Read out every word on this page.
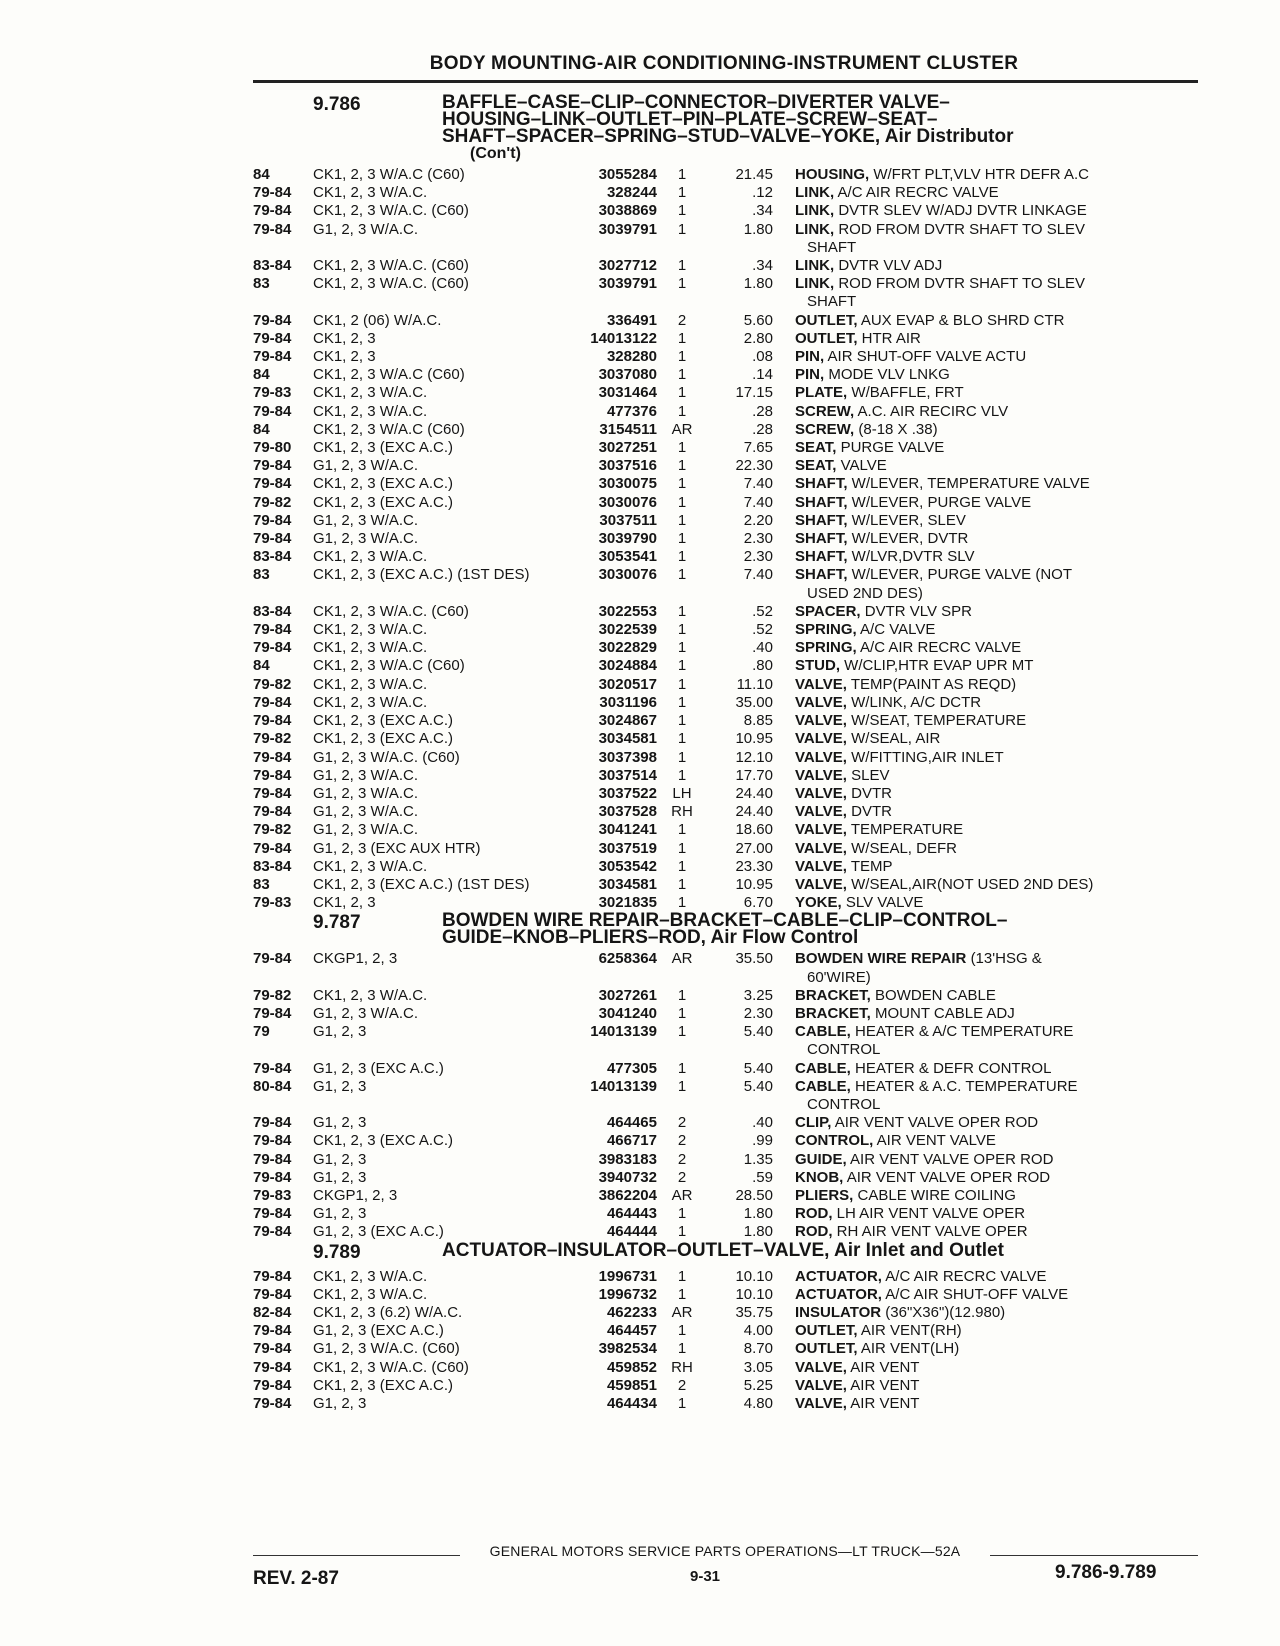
BODY MOUNTING-AIR CONDITIONING-INSTRUMENT CLUSTER
9.786	BAFFLE–CASE–CLIP–CONNECTOR–DIVERTER VALVE–
HOUSING–LINK–OUTLET–PIN–PLATE–SCREW–SEAT–
SHAFT–SPACER–SPRING–STUD–VALVE–YOKE, Air Distributor
(Con't)
84	CK1, 2, 3 W/A.C (C60)	3055284	1	21.45	HOUSING, W/FRT PLT,VLV HTR DEFR A.C
79-84	CK1, 2, 3 W/A.C.	328244	1	.12	LINK, A/C AIR RECRC VALVE
79-84	CK1, 2, 3 W/A.C. (C60)	3038869	1	.34	LINK, DVTR SLEV W/ADJ DVTR LINKAGE
79-84	G1, 2, 3 W/A.C.	3039791	1	1.80	LINK, ROD FROM DVTR SHAFT TO SLEV
SHAFT
83-84	CK1, 2, 3 W/A.C. (C60)	3027712	1	.34	LINK, DVTR VLV ADJ
83	CK1, 2, 3 W/A.C. (C60)	3039791	1	1.80	LINK, ROD FROM DVTR SHAFT TO SLEV
SHAFT
79-84	CK1, 2 (06) W/A.C.	336491	2	5.60	OUTLET, AUX EVAP & BLO SHRD CTR
79-84	CK1, 2, 3	14013122	1	2.80	OUTLET, HTR AIR
79-84	CK1, 2, 3	328280	1	.08	PIN, AIR SHUT-OFF VALVE ACTU
84	CK1, 2, 3 W/A.C (C60)	3037080	1	.14	PIN, MODE VLV LNKG
79-83	CK1, 2, 3 W/A.C.	3031464	1	17.15	PLATE, W/BAFFLE, FRT
79-84	CK1, 2, 3 W/A.C.	477376	1	.28	SCREW, A.C. AIR RECIRC VLV
84	CK1, 2, 3 W/A.C (C60)	3154511 AR	.28	SCREW, (8-18 X .38)
79-80	CK1, 2, 3 (EXC A.C.)	3027251	1	7.65	SEAT, PURGE VALVE
79-84	G1, 2, 3 W/A.C.	3037516	1	22.30	SEAT, VALVE
79-84	CK1, 2, 3 (EXC A.C.)	3030075	1	7.40	SHAFT, W/LEVER, TEMPERATURE VALVE
79-82	CK1, 2, 3 (EXC A.C.)	3030076	1	7.40	SHAFT, W/LEVER, PURGE VALVE
79-84	G1, 2, 3 W/A.C.	3037511	1	2.20	SHAFT, W/LEVER, SLEV
79-84	G1, 2, 3 W/A.C.	3039790	1	2.30	SHAFT, W/LEVER, DVTR
83-84	CK1, 2, 3 W/A.C.	3053541	1	2.30	SHAFT, W/LVR,DVTR SLV
83	CK1, 2, 3 (EXC A.C.) (1ST DES)	3030076	1	7.40	SHAFT, W/LEVER, PURGE VALVE (NOT
USED 2ND DES)
83-84	CK1, 2, 3 W/A.C. (C60)	3022553	1	.52	SPACER, DVTR VLV SPR
79-84	CK1, 2, 3 W/A.C.	3022539	1	.52	SPRING, A/C VALVE
79-84	CK1, 2, 3 W/A.C.	3022829	1	.40	SPRING, A/C AIR RECRC VALVE
84	CK1, 2, 3 W/A.C (C60)	3024884	1	.80	STUD, W/CLIP,HTR EVAP UPR MT
79-82	CK1, 2, 3 W/A.C.	3020517	1	11.10	VALVE, TEMP(PAINT AS REQD)
79-84	CK1, 2, 3 W/A.C.	3031196	1	35.00	VALVE, W/LINK, A/C DCTR
79-84	CK1, 2, 3 (EXC A.C.)	3024867	1	8.85	VALVE, W/SEAT, TEMPERATURE
79-82	CK1, 2, 3 (EXC A.C.)	3034581	1	10.95	VALVE, W/SEAL, AIR
79-84	G1, 2, 3 W/A.C. (C60)	3037398	1	12.10	VALVE, W/FITTING,AIR INLET
79-84	G1, 2, 3 W/A.C.	3037514	1	17.70	VALVE, SLEV
79-84	G1, 2, 3 W/A.C.	3037522	LH	24.40	VALVE, DVTR
79-84	G1, 2, 3 W/A.C.	3037528 RH	24.40	VALVE, DVTR
79-82	G1, 2, 3 W/A.C.	3041241	1	18.60	VALVE, TEMPERATURE
79-84	G1, 2, 3 (EXC AUX HTR)	3037519	1	27.00	VALVE, W/SEAL, DEFR
83-84	CK1, 2, 3 W/A.C.	3053542	1	23.30	VALVE, TEMP
83	CK1, 2, 3 (EXC A.C.) (1ST DES)	3034581	1	10.95	VALVE, W/SEAL,AIR(NOT USED 2ND DES)
79-83	CK1, 2, 3	3021835	1	6.70	YOKE, SLV VALVE
9.787	BOWDEN WIRE REPAIR–BRACKET–CABLE–CLIP–CONTROL–
GUIDE–KNOB–PLIERS–ROD, Air Flow Control
79-84	CKGP1, 2, 3	6258364 AR	35.50	BOWDEN WIRE REPAIR (13'HSG &
60'WIRE)
79-82	CK1, 2, 3 W/A.C.	3027261	1	3.25	BRACKET, BOWDEN CABLE
79-84	G1, 2, 3 W/A.C.	3041240	1	2.30	BRACKET, MOUNT CABLE ADJ
79	G1, 2, 3	14013139	1	5.40	CABLE, HEATER & A/C TEMPERATURE
CONTROL
79-84	G1, 2, 3 (EXC A.C.)	477305	1	5.40	CABLE, HEATER & DEFR CONTROL
80-84	G1, 2, 3	14013139	1	5.40	CABLE, HEATER & A.C. TEMPERATURE
CONTROL
79-84	G1, 2, 3	464465	2	.40	CLIP, AIR VENT VALVE OPER ROD
79-84	CK1, 2, 3 (EXC A.C.)	466717	2	.99	CONTROL, AIR VENT VALVE
79-84	G1, 2, 3	3983183	2	1.35	GUIDE, AIR VENT VALVE OPER ROD
79-84	G1, 2, 3	3940732	2	.59	KNOB, AIR VENT VALVE OPER ROD
79-83	CKGP1, 2, 3	3862204 AR	28.50	PLIERS, CABLE WIRE COILING
79-84	G1, 2, 3	464443	1	1.80	ROD, LH AIR VENT VALVE OPER
79-84	G1, 2, 3 (EXC A.C.)	464444	1	1.80	ROD, RH AIR VENT VALVE OPER
9.789	ACTUATOR–INSULATOR–OUTLET–VALVE, Air Inlet and Outlet
79-84	CK1, 2, 3 W/A.C.	1996731	1	10.10	ACTUATOR, A/C AIR RECRC VALVE
79-84	CK1, 2, 3 W/A.C.	1996732	1	10.10	ACTUATOR, A/C AIR SHUT-OFF VALVE
82-84	CK1, 2, 3 (6.2) W/A.C.	462233 AR	35.75	INSULATOR (36"X36")(12.980)
79-84	G1, 2, 3 (EXC A.C.)	464457	1	4.00	OUTLET, AIR VENT(RH)
79-84	G1, 2, 3 W/A.C. (C60)	3982534	1	8.70	OUTLET, AIR VENT(LH)
79-84	CK1, 2, 3 W/A.C. (C60)	459852 RH	3.05	VALVE, AIR VENT
79-84	CK1, 2, 3 (EXC A.C.)	459851	2	5.25	VALVE, AIR VENT
79-84	G1, 2, 3	464434	1	4.80	VALVE, AIR VENT
GENERAL MOTORS SERVICE PARTS OPERATIONS—LT TRUCK—52A
REV. 2-87	9-31	9.786-9.789
